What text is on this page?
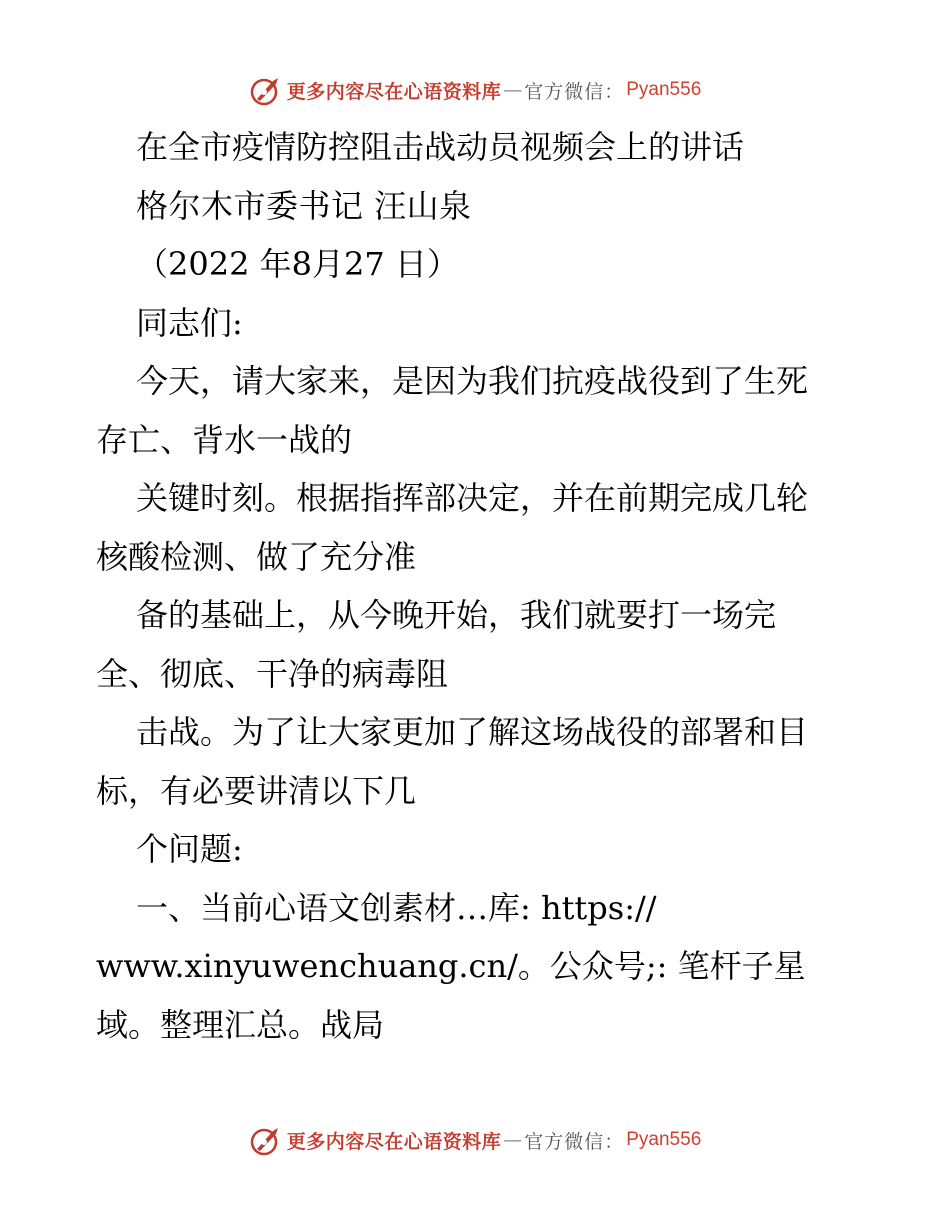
更多内容尽在心语资料库 — 官方微信： Pyan556
在全市疫情防控阻击战动员视频会上的讲话
格尔木市委书记 汪山泉
（2022 年8月27 日）
同志们:
今天，请大家来，是因为我们抗疫战役到了生死
存亡、背水一战的
关键时刻。根据指挥部决定，并在前期完成几轮
核酸检测、做了充分准
备的基础上，从今晚开始，我们就要打一场完
全、彻底、干净的病毒阻
击战。为了让大家更加了解这场战役的部署和目
标，有必要讲清以下几
个问题:
一、当前心语文创素材…库: https://
www.xinyuwenchuang.cn/。公众号;: 笔杆子星
域。整理汇总。战局
更多内容尽在心语资料库 — 官方微信： Pyan556
